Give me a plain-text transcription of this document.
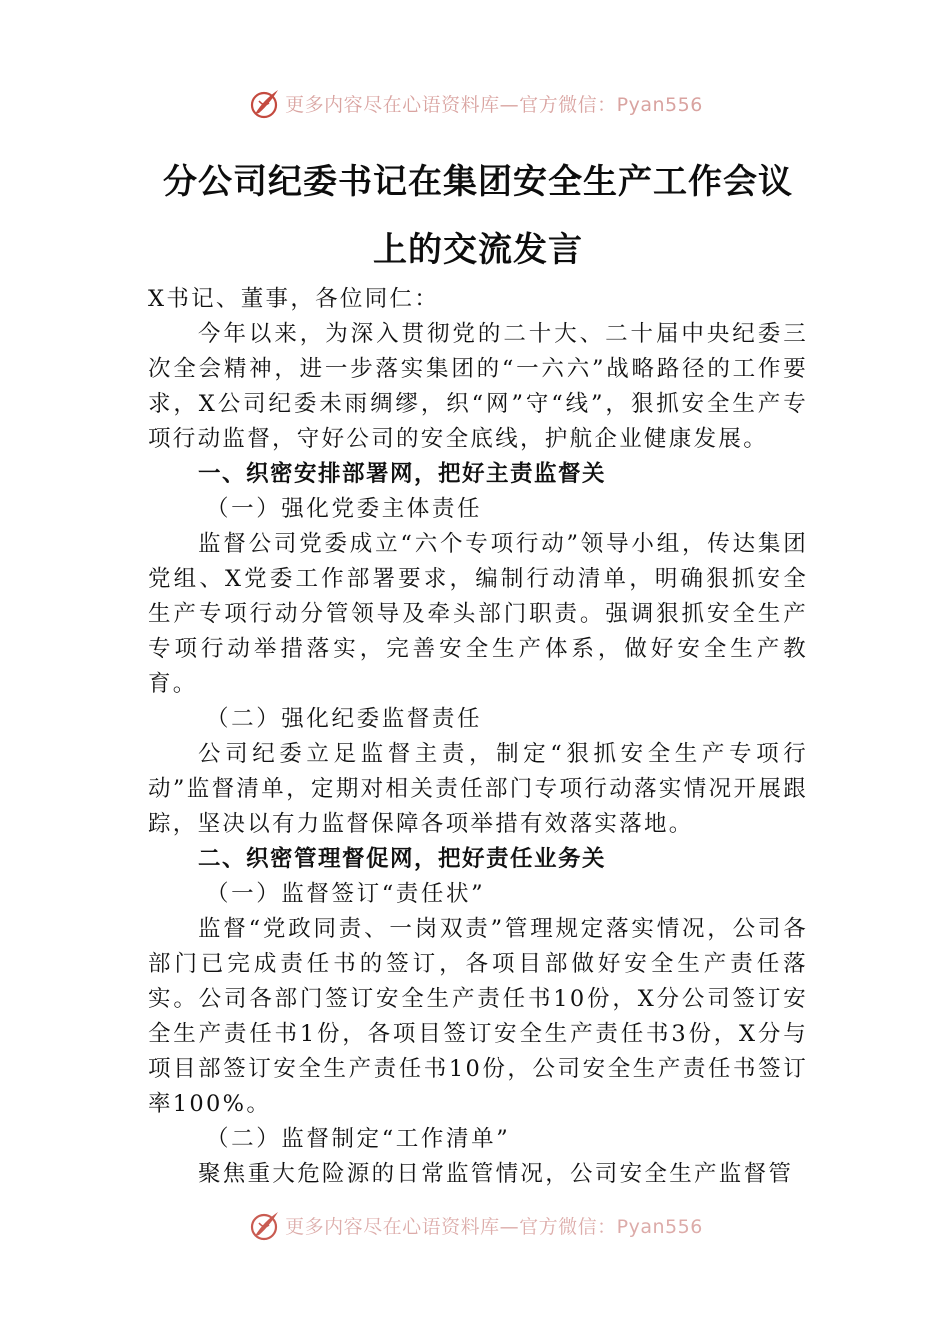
更多内容尽在心语资料库—官方微信：Pyan556
分公司纪委书记在集团安全生产工作会议
上的交流发言

X书记、董事，各位同仁：

今年以来，为深入贯彻党的二十大、二十届中央纪委三次全会精神，进一步落实集团的“一六六”战略路径的工作要求，X公司纪委未雨绸缪，织“网”守“线”，狠抓安全生产专项行动监督，守好公司的安全底线，护航企业健康发展。

一、织密安排部署网，把好主责监督关

（一）强化党委主体责任

监督公司党委成立“六个专项行动”领导小组，传达集团党组、X党委工作部署要求，编制行动清单，明确狠抓安全生产专项行动分管领导及牵头部门职责。强调狠抓安全生产专项行动举措落实，完善安全生产体系，做好安全生产教育。

（二）强化纪委监督责任

公司纪委立足监督主责，制定“狠抓安全生产专项行动”监督清单，定期对相关责任部门专项行动落实情况开展跟踪，坚决以有力监督保障各项举措有效落实落地。

二、织密管理督促网，把好责任业务关

（一）监督签订“责任状”

监督“党政同责、一岗双责”管理规定落实情况，公司各部门已完成责任书的签订，各项目部做好安全生产责任落实。公司各部门签订安全生产责任书10份，X分公司签订安全生产责任书1份，各项目签订安全生产责任书3份，X分与项目部签订安全生产责任书10份，公司安全生产责任书签订率100%。

（二）监督制定“工作清单”

聚焦重大危险源的日常监管情况，公司安全生产监督管

更多内容尽在心语资料库—官方微信：Pyan556
